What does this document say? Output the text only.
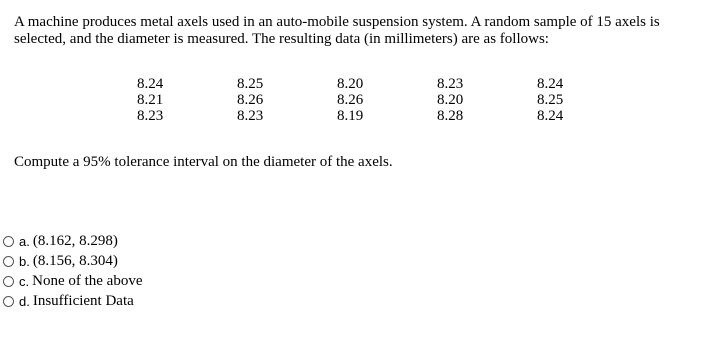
A machine produces metal axels used in an auto-mobile suspension system. A random sample of 15 axels is selected, and the diameter is measured. The resulting data (in millimeters) are as follows:

8.24	8.25	8.20	8.23	8.24
8.21	8.26	8.26	8.20	8.25
8.23	8.23	8.19	8.28	8.24
Compute a 95% tolerance interval on the diameter of the axels.
a. (8.162, 8.298)
b. (8.156, 8.304)
c. None of the above
d. Insufficient Data
